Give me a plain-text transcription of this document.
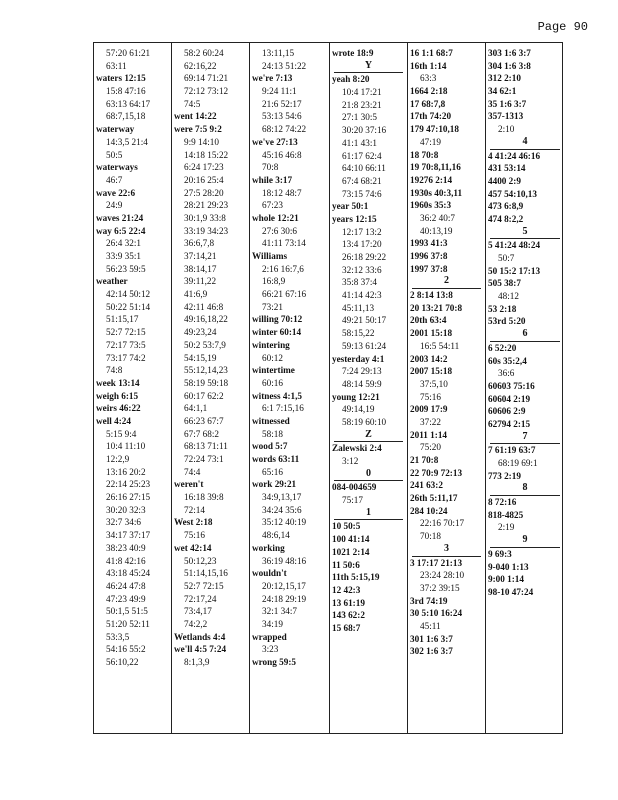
Page 90
57:20 61:21
63:11
waters 12:15
15:8 47:16
63:13 64:17
68:7,15,18
waterway
14:3,5 21:4
50:5
waterways
46:7
wave 22:6
24:9
waves 21:24
way 6:5 22:4
26:4 32:1
33:9 35:1
56:23 59:5
weather
42:14 50:12
50:22 51:14
51:15,17
52:7 72:15
72:17 73:5
73:17 74:2
74:8
week 13:14
weigh 6:15
weirs 46:22
well 4:24
5:15 9:4
10:4 11:10
12:2,9
13:16 20:2
22:14 25:23
26:16 27:15
30:20 32:3
32:7 34:6
34:17 37:17
38:23 40:9
41:8 42:16
43:18 45:24
46:24 47:8
47:23 49:9
50:1,5 51:5
51:20 52:11
53:3,5
54:16 55:2
56:10,22
58:2 60:24
62:16,22
69:14 71:21
72:12 73:12
74:5
went 14:22
were 7:5 9:2
9:9 14:10
14:18 15:22
6:24 17:23
20:16 25:4
27:5 28:20
28:21 29:23
30:1,9 33:8
33:19 34:23
36:6,7,8
37:14,21
38:14,17
39:11,22
41:6,9
42:11 46:8
49:16,18,22
49:23,24
50:2 53:7,9
54:15,19
55:12,14,23
58:19 59:18
60:17 62:2
64:1,1
66:23 67:7
67:7 68:2
68:13 71:11
72:24 73:1
74:4
weren't
16:18 39:8
72:14
West 2:18
75:16
wet 42:14
50:12,23
51:14,15,16
52:7 72:15
72:17,24
73:4,17
74:2,2
Wetlands 4:4
we'll 4:5 7:24
8:1,3,9
13:11,15
24:13 51:22
we're 7:13
9:24 11:1
21:6 52:17
53:13 54:6
68:12 74:22
we've 27:13
45:16 46:8
70:8
while 3:17
18:12 48:7
67:23
whole 12:21
27:6 30:6
41:11 73:14
Williams
2:16 16:7,6
16:8,9
66:21 67:16
73:21
willing 70:12
winter 60:14
wintering
60:12
wintertime
60:16
witness 4:1,5
6:1 7:15,16
witnessed
58:18
wood 5:7
words 63:11
65:16
work 29:21
34:9,13,17
34:24 35:6
35:12 40:19
48:6,14
working
36:19 48:16
wouldn't
20:12,15,17
24:18 29:19
32:1 34:7
34:19
wrapped
3:23
wrong 59:5
wrote 18:9
Y
yeah 8:20
10:4 17:21
21:8 23:21
27:1 30:5
30:20 37:16
41:1 43:1
61:17 62:4
64:10 66:11
67:4 68:21
73:15 74:6
year 50:1
years 12:15
12:17 13:2
13:4 17:20
26:18 29:22
32:12 33:6
35:8 37:4
41:14 42:3
45:11,13
49:21 50:17
58:15,22
59:13 61:24
yesterday 4:1
7:24 29:13
48:14 59:9
young 12:21
49:14,19
58:19 60:10
Z
Zalewski 2:4
3:12
0
084-004659
75:17
1
10 50:5
100 41:14
1021 2:14
11 50:6
11th 5:15,19
12 42:3
13 61:19
143 62:2
15 68:7
16 1:1 68:7
16th 1:14
63:3
1664 2:18
17 68:7,8
17th 74:20
179 47:10,18
47:19
18 70:8
19 70:8,11,16
19276 2:14
1930s 40:3,11
1960s 35:3
36:2 40:7
40:13,19
1993 41:3
1996 37:8
1997 37:8
2
2 8:14 13:8
20 13:21 70:8
20th 63:4
2001 15:18
16:5 54:11
2003 14:2
2007 15:18
37:5,10
75:16
2009 17:9
37:22
2011 1:14
75:20
21 70:8
22 70:9 72:13
241 63:2
26th 5:11,17
284 10:24
22:16 70:17
70:18
3
3 17:17 21:13
23:24 28:10
37:2 39:15
3rd 74:19
30 5:10 16:24
45:11
301 1:6 3:7
302 1:6 3:7
303 1:6 3:7
304 1:6 3:8
312 2:10
34 62:1
35 1:6 3:7
357-1313
2:10
4
4 41:24 46:16
431 53:14
4400 2:9
457 54:10,13
473 6:8,9
474 8:2,2
5
5 41:24 48:24
50:7
50 15:2 17:13
505 38:7
48:12
53 2:18
53rd 5:20
6
6 52:20
60s 35:2,4
36:6
60603 75:16
60604 2:19
60606 2:9
62794 2:15
7
7 61:19 63:7
68:19 69:1
773 2:19
8
8 72:16
818-4825
2:19
9
9 69:3
9-040 1:13
9:00 1:14
98-10 47:24
